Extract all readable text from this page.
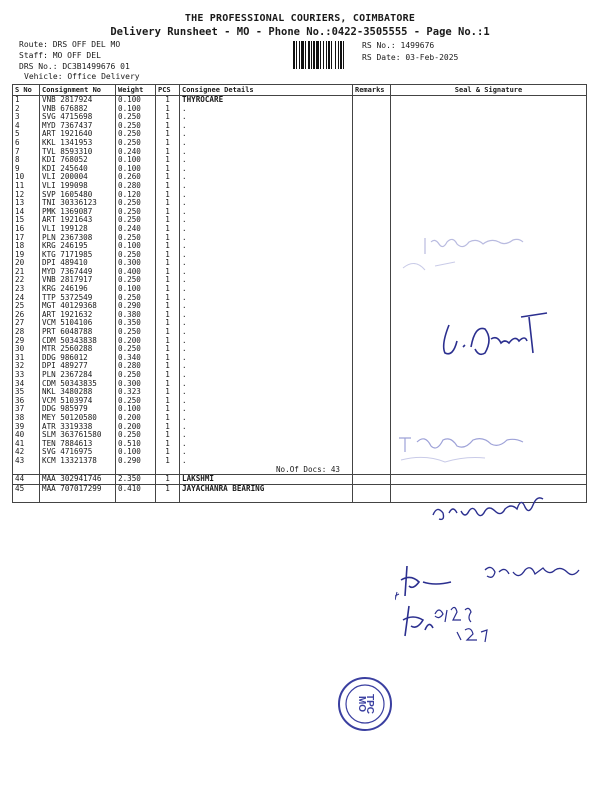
THE PROFESSIONAL COURIERS, COIMBATORE
Delivery Runsheet - MO - Phone No.:0422-3505555 - Page No.:1
Route: DRS OFF DEL MO
Staff: MO OFF DEL
DRS No.: DC3B1499676 01
Vehicle: Office Delivery
RS No.: 1499676
RS Date: 03-Feb-2025
S No	Consignment No	Weight	PCS	Consignee Details	Remarks	Seal & Signature
1	VNB 2817924	0.100	1	THYROCARE		
2	VNB 676882	0.100	1	.		
3	SVG 4715698	0.250	1	.		
4	MYD 7367437	0.250	1	.		
5	ART 1921640	0.250	1	.		
6	KKL 1341953	0.250	1	.		
7	TVL 8593310	0.240	1	.		
8	KDI 768052	0.100	1	.		
9	KDI 245640	0.100	1	.		
10	VLI 200004	0.260	1	.		
11	VLI 199098	0.280	1	.		
12	SVP 1605480	0.120	1	.		
13	TNI 30336123	0.250	1	.		
14	PMK 1369087	0.250	1	.		
15	ART 1921643	0.250	1	.		
16	VLI 199128	0.240	1	.		
17	PLN 2367308	0.250	1	.		
18	KRG 246195	0.100	1	.		
19	KTG 7171985	0.250	1	.		
20	DPI 489410	0.300	1	.		
21	MYD 7367449	0.400	1	.		
22	VNB 2817917	0.250	1	.		
23	KRG 246196	0.100	1	.		
24	TTP 5372549	0.250	1	.		
25	MGT 40129368	0.290	1	.		
26	ART 1921632	0.380	1	.		
27	VCM 5104106	0.350	1	.		
28	PRT 6048788	0.250	1	.		
29	CDM 50343838	0.200	1	.		
30	MTR 2560288	0.250	1	.		
31	DDG 986012	0.340	1	.		
32	DPI 489277	0.280	1	.		
33	PLN 2367284	0.250	1	.		
34	CDM 50343835	0.300	1	.		
35	NKL 3480288	0.323	1	.		
36	VCM 5103974	0.250	1	.		
37	DDG 985979	0.100	1	.		
38	MEY 50120580	0.200	1	.		
39	ATR 3319338	0.200	1	.		
40	SLM 363761580	0.250	1	.		
41	TEN 7884613	0.510	1	.		
42	SVG 4716975	0.100	1	.		
43	KCM 13321378	0.290	1	.		
				No.Of Docs: 43		
44	MAA 302941746	2.350	1	LAKSHMI		
45	MAA 707017299	0.410	1	JAYACHANRA BEARING		

TPC
MO
